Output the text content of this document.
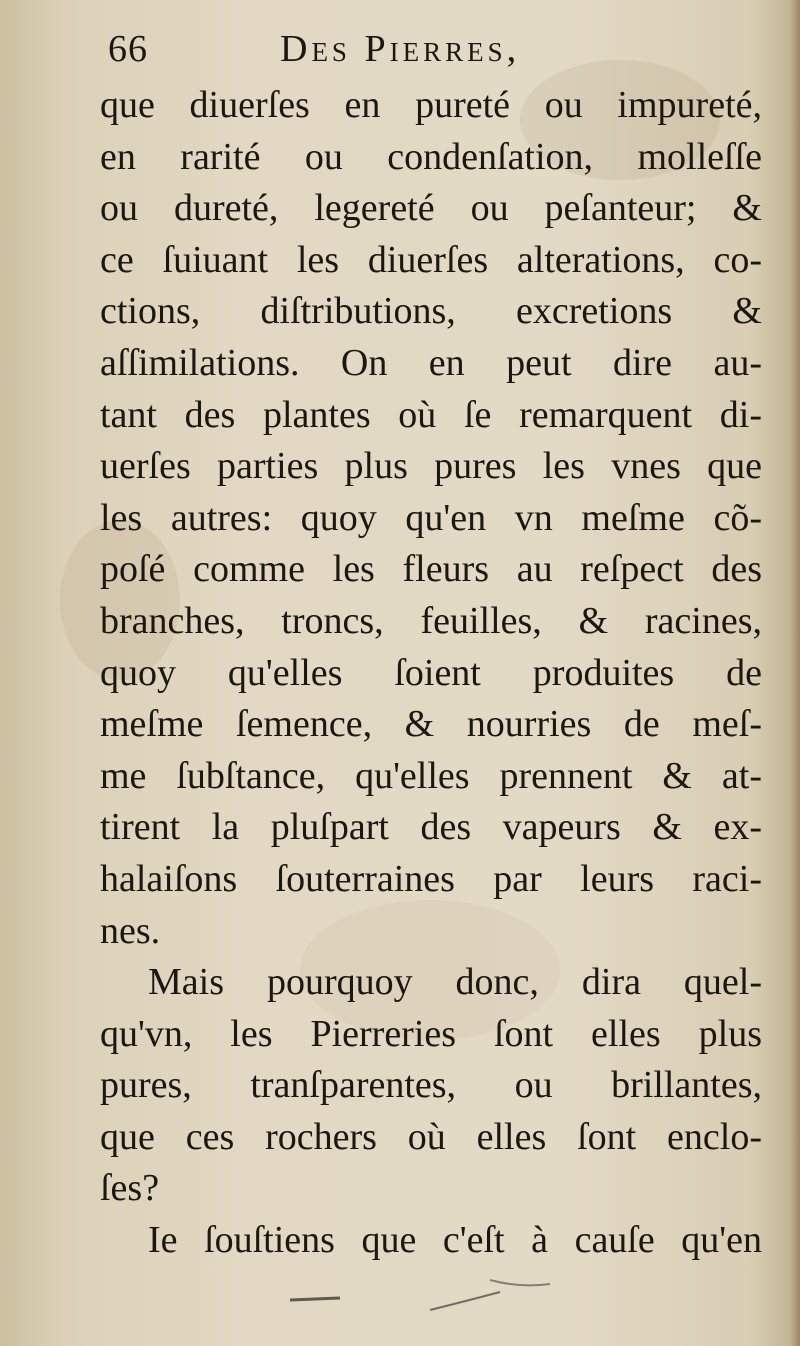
66	Des Pierres,
que diuerſes en pureté ou impureté,
en rarité ou condenſation, molleſſe
ou dureté, legereté ou peſanteur; &
ce ſuiuant les diuerſes alterations, co-
ctions, diſtributions, excretions &
aſſimilations. On en peut dire au-
tant des plantes où ſe remarquent di-
uerſes parties plus pures les vnes que
les autres: quoy qu'en vn meſme cõ-
poſé comme les fleurs au reſpect des
branches, troncs, feuilles, & racines,
quoy qu'elles ſoient produites de
meſme ſemence, & nourries de meſ-
me ſubſtance, qu'elles prennent & at-
tirent la pluſpart des vapeurs & ex-
halaiſons ſouterraines par leurs raci-
nes.
Mais pourquoy donc, dira quel-
qu'vn, les Pierreries ſont elles plus
pures, tranſparentes, ou brillantes,
que ces rochers où elles ſont enclo-
ſes?
Ie ſouſtiens que c'eſt à cauſe qu'en
